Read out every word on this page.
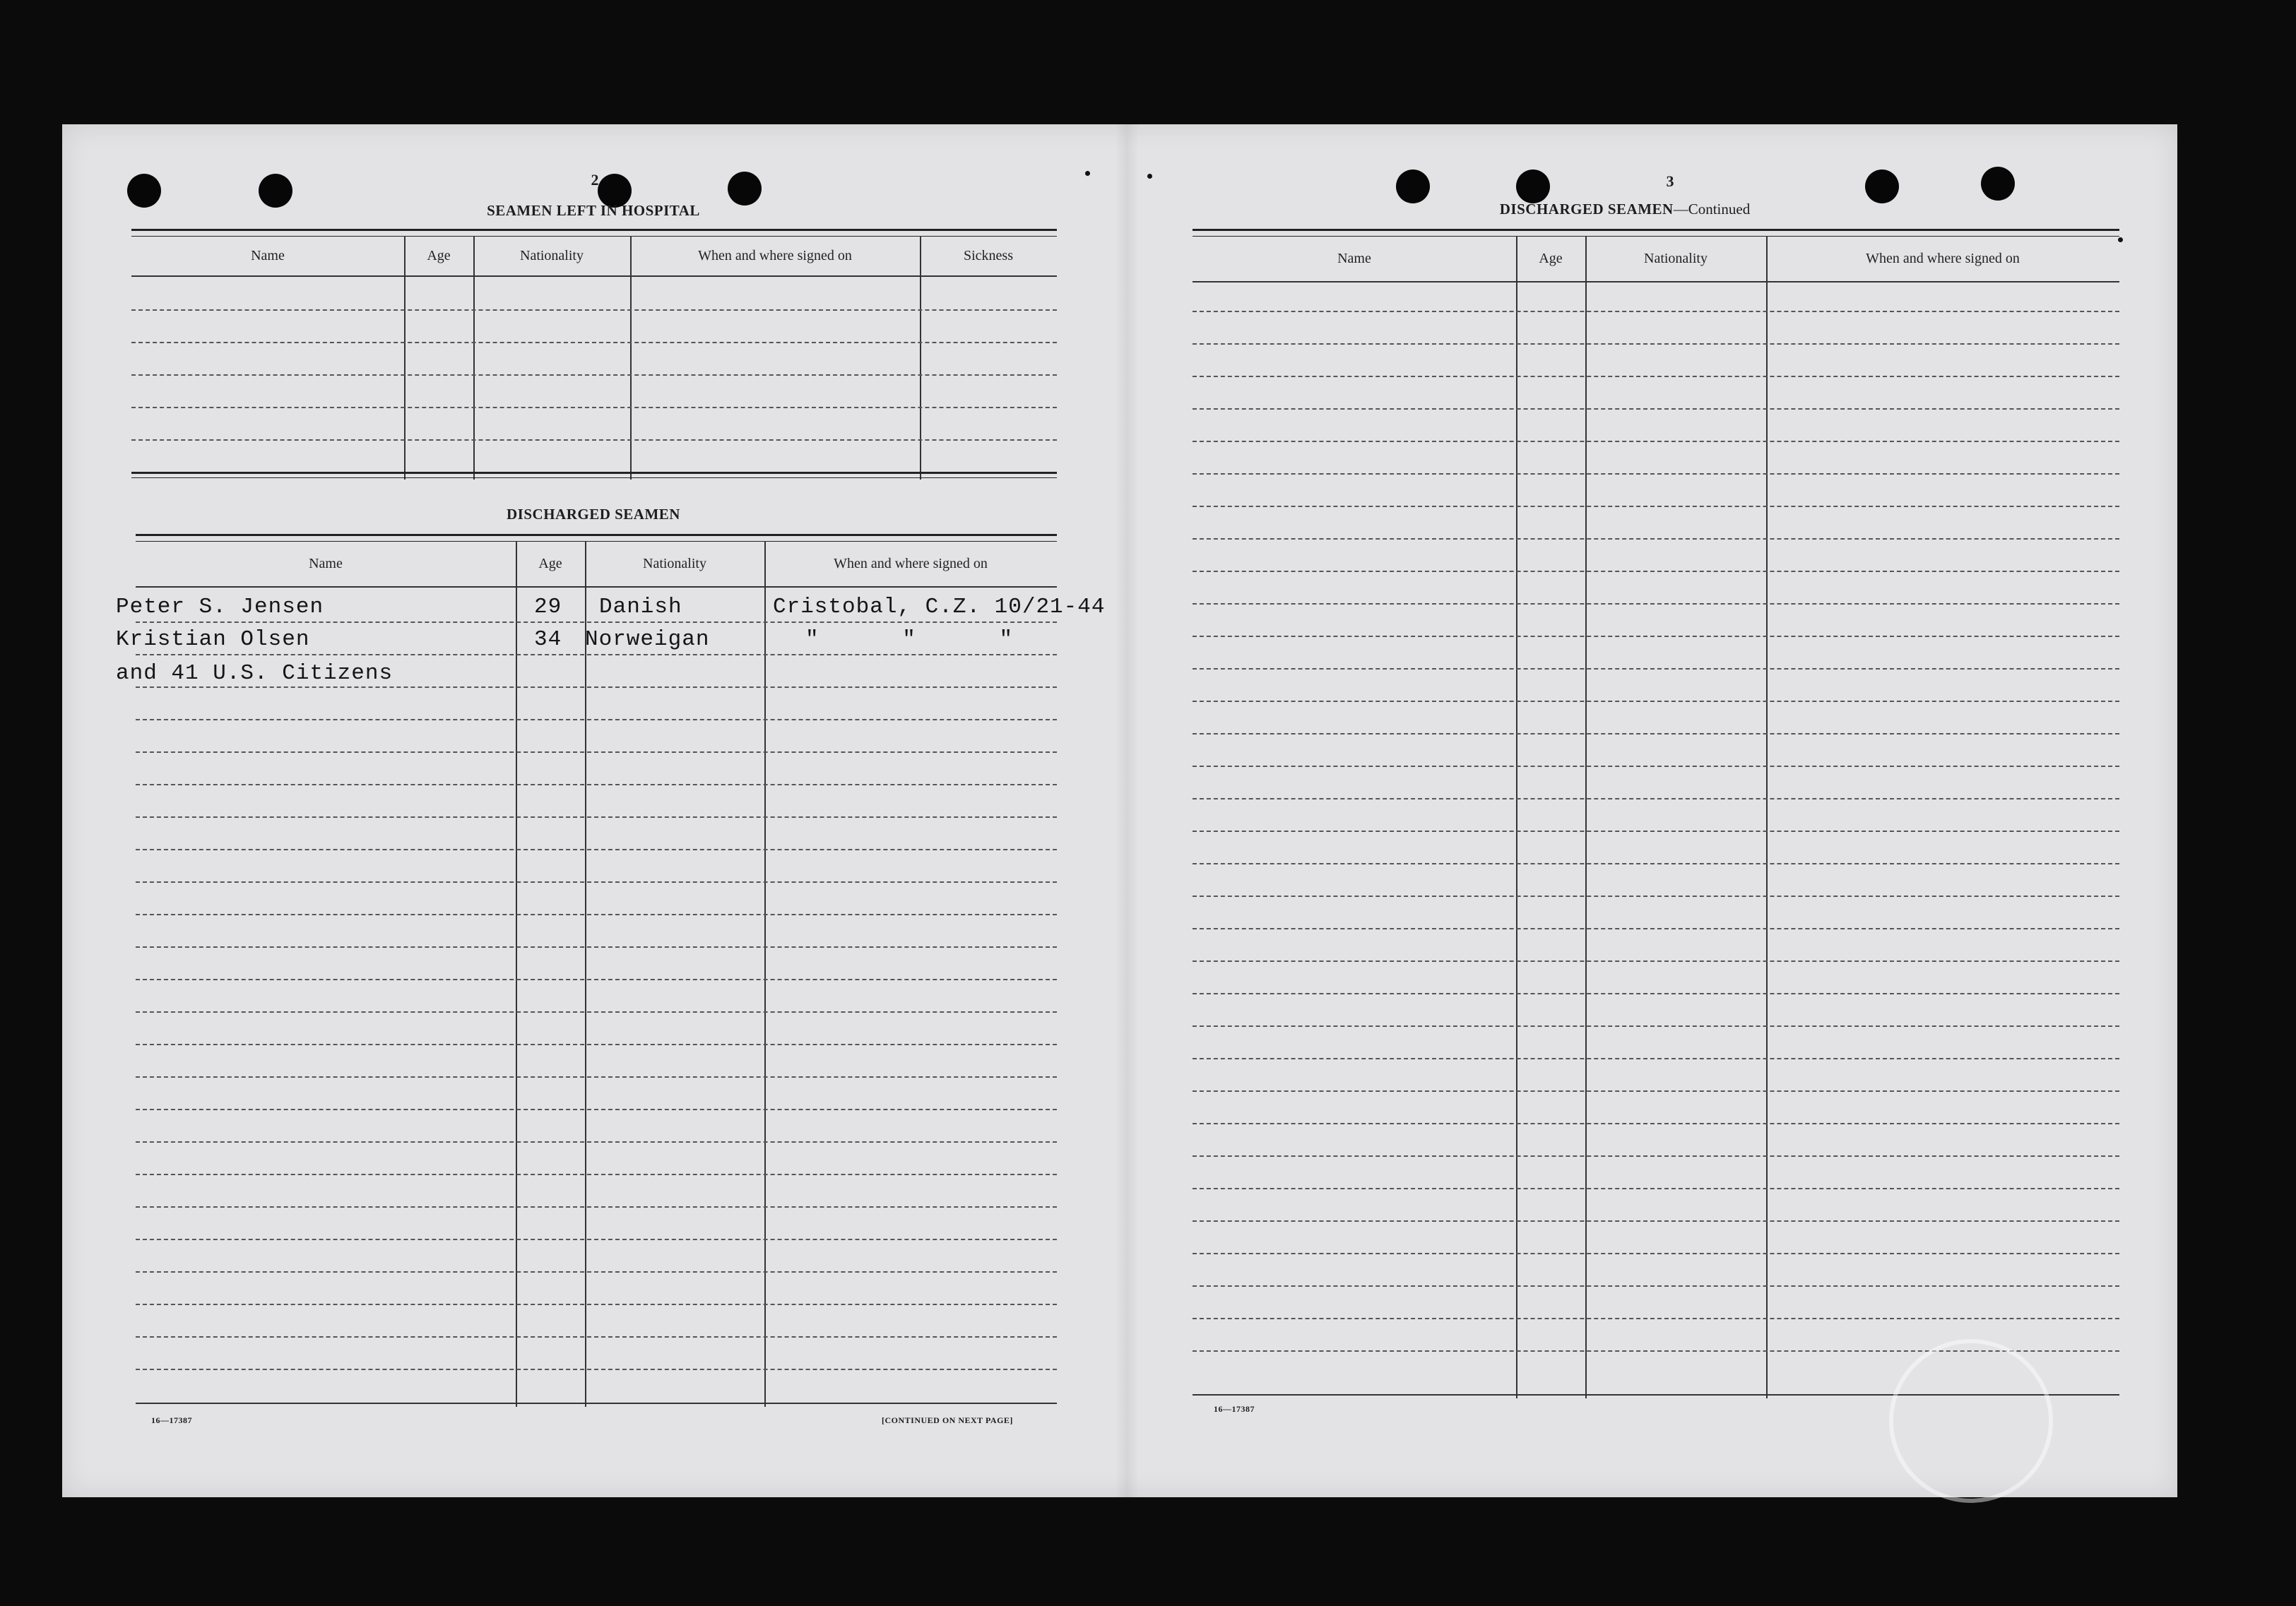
2
SEAMEN LEFT IN HOSPITAL
Name	Age	Nationality	When and where signed on	Sickness
DISCHARGED SEAMEN
Name	Age	Nationality	When and where signed on
Peter S. Jensen	29 Danish	Cristobal, C.Z. 10/21-44
Kristian Olsen	34 Norweigan	"      "      "
and 41 U.S. Citizens
16—17387	[CONTINUED ON NEXT PAGE]
3
DISCHARGED SEAMEN—Continued
Name	Age	Nationality	When and where signed on
16—17387
